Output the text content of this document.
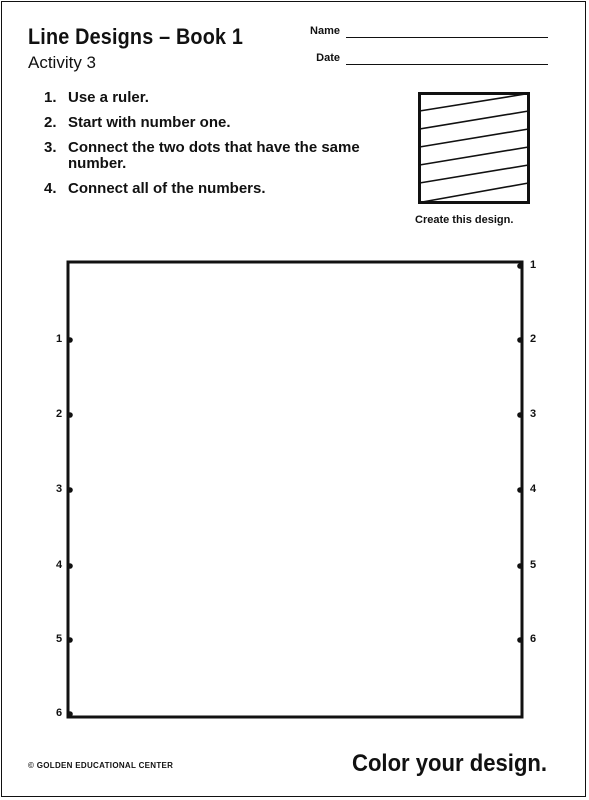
Line Designs – Book 1
Activity 3
Name
Date
1. Use a ruler.
2. Start with number one.
3. Connect the two dots that have the same number.
4. Connect all of the numbers.
Create this design.
1
2
3
4
5
6
1
2
3
4
5
6
© GOLDEN EDUCATIONAL CENTER	Color your design.
